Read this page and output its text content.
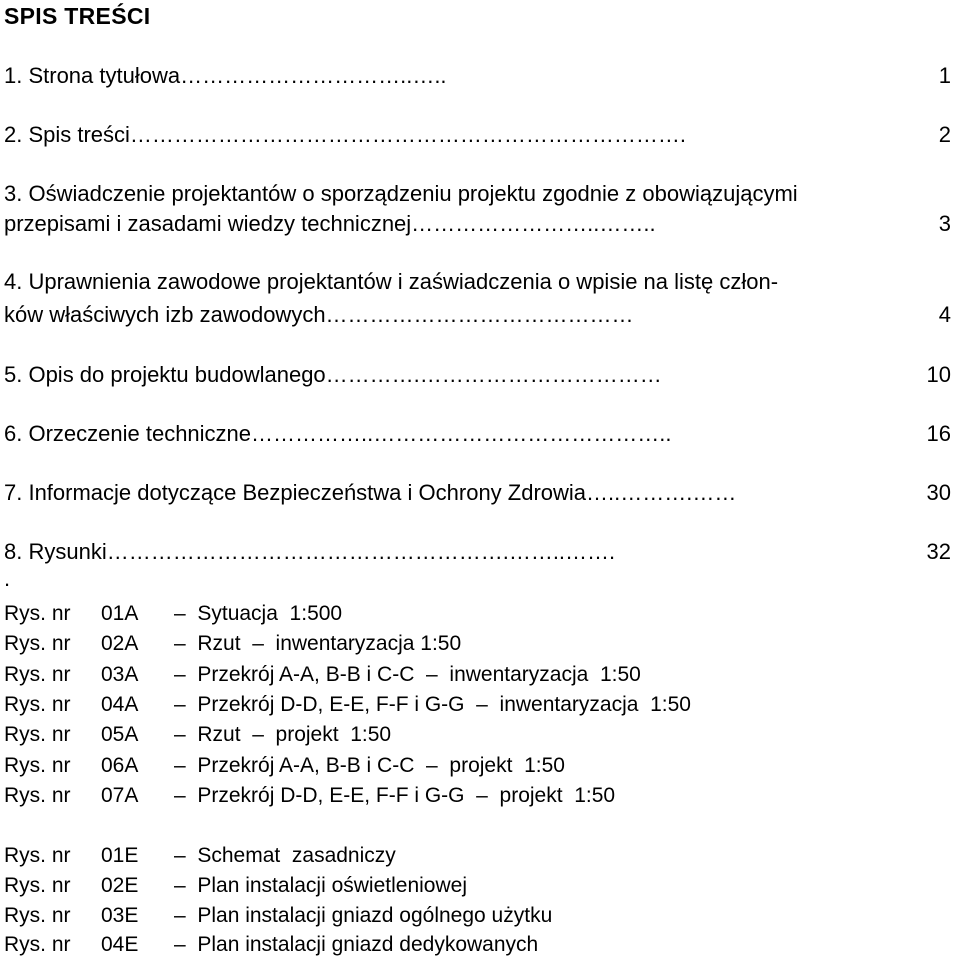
SPIS TREŚCI
1. Strona tytułowa…………………………..…..	1
2. Spis treści………………………………………………………………….	2
3. Oświadczenie projektantów o sporządzeniu projektu zgodnie z obowiązującymi
przepisami i zasadami wiedzy technicznej……………………..……..	3
4. Uprawnienia zawodowe projektantów i zaświadczenia o wpisie na listę człon-
ków właściwych izb zawodowych……………………………………	4
5. Opis do projektu budowlanego………….……………………………	10
6. Orzeczenie techniczne……………..…………………………………..	16
7. Informacje dotyczące Bezpieczeństwa i Ochrony Zdrowia…..……….……	30
8. Rysunki……………………………………………….……..…….	32
.
Rys. nr 01A –  Sytuacja  1:500
Rys. nr 02A –  Rzut  –  inwentaryzacja 1:50
Rys. nr 03A –  Przekrój A-A, B-B i C-C  –  inwentaryzacja  1:50
Rys. nr 04A –  Przekrój D-D, E-E, F-F i G-G  –  inwentaryzacja  1:50
Rys. nr 05A –  Rzut  –  projekt  1:50
Rys. nr 06A –  Przekrój A-A, B-B i C-C  –  projekt  1:50
Rys. nr 07A –  Przekrój D-D, E-E, F-F i G-G  –  projekt  1:50
Rys. nr 01E –  Schemat  zasadniczy
Rys. nr 02E –  Plan instalacji oświetleniowej
Rys. nr 03E –  Plan instalacji gniazd ogólnego użytku
Rys. nr 04E –  Plan instalacji gniazd dedykowanych
